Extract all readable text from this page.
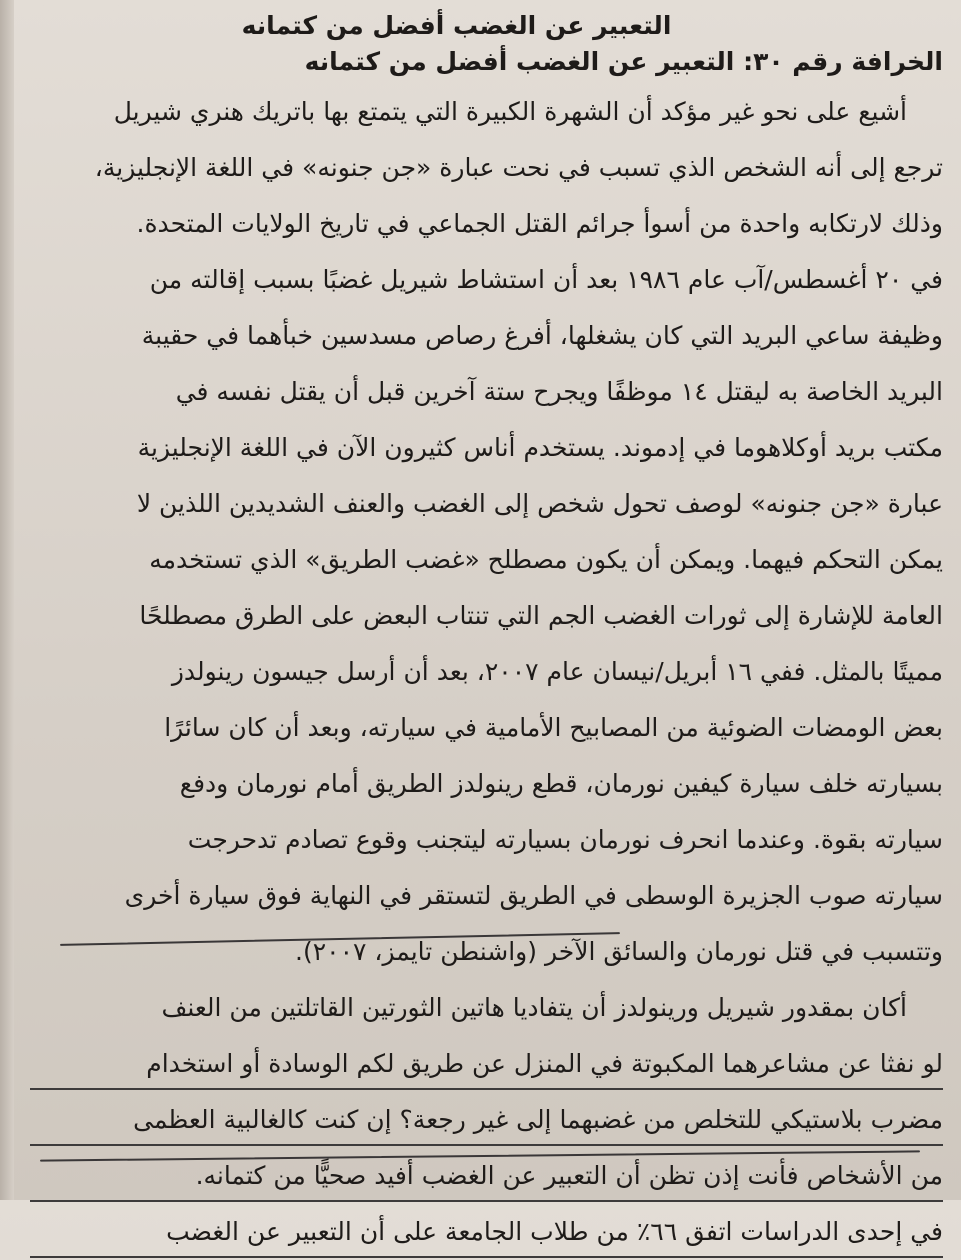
التعبير عن الغضب أفضل من كتمانه
الخرافة رقم ٣٠: التعبير عن الغضب أفضل من كتمانه
أشيع على نحو غير مؤكد أن الشهرة الكبيرة التي يتمتع بها باتريك هنري شيريل
ترجع إلى أنه الشخص الذي تسبب في نحت عبارة «جن جنونه» في اللغة الإنجليزية،
وذلك لارتكابه واحدة من أسوأ جرائم القتل الجماعي في تاريخ الولايات المتحدة.
في ٢٠ أغسطس/آب عام ١٩٨٦ بعد أن استشاط شيريل غضبًا بسبب إقالته من
وظيفة ساعي البريد التي كان يشغلها، أفرغ رصاص مسدسين خبأهما في حقيبة
البريد الخاصة به ليقتل ١٤ موظفًا ويجرح ستة آخرين قبل أن يقتل نفسه في
مكتب بريد أوكلاهوما في إدموند. يستخدم أناس كثيرون الآن في اللغة الإنجليزية
عبارة «جن جنونه» لوصف تحول شخص إلى الغضب والعنف الشديدين اللذين لا
يمكن التحكم فيهما. ويمكن أن يكون مصطلح «غضب الطريق» الذي تستخدمه
العامة للإشارة إلى ثورات الغضب الجم التي تنتاب البعض على الطرق مصطلحًا
مميتًا بالمثل. ففي ١٦ أبريل/نيسان عام ٢٠٠٧، بعد أن أرسل جيسون رينولدز
بعض الومضات الضوئية من المصابيح الأمامية في سيارته، وبعد أن كان سائرًا
بسيارته خلف سيارة كيفين نورمان، قطع رينولدز الطريق أمام نورمان ودفع
سيارته بقوة. وعندما انحرف نورمان بسيارته ليتجنب وقوع تصادم تدحرجت
سيارته صوب الجزيرة الوسطى في الطريق لتستقر في النهاية فوق سيارة أخرى
وتتسبب في قتل نورمان والسائق الآخر (واشنطن تايمز، ٢٠٠٧).
أكان بمقدور شيريل ورينولدز أن يتفاديا هاتين الثورتين القاتلتين من العنف
لو نفثا عن مشاعرهما المكبوتة في المنزل عن طريق لكم الوسادة أو استخدام
مضرب بلاستيكي للتخلص من غضبهما إلى غير رجعة؟ إن كنت كالغالبية العظمى
من الأشخاص فأنت إذن تظن أن التعبير عن الغضب أفيد صحيًّا من كتمانه.
في إحدى الدراسات اتفق ٦٦٪ من طلاب الجامعة على أن التعبير عن الغضب
